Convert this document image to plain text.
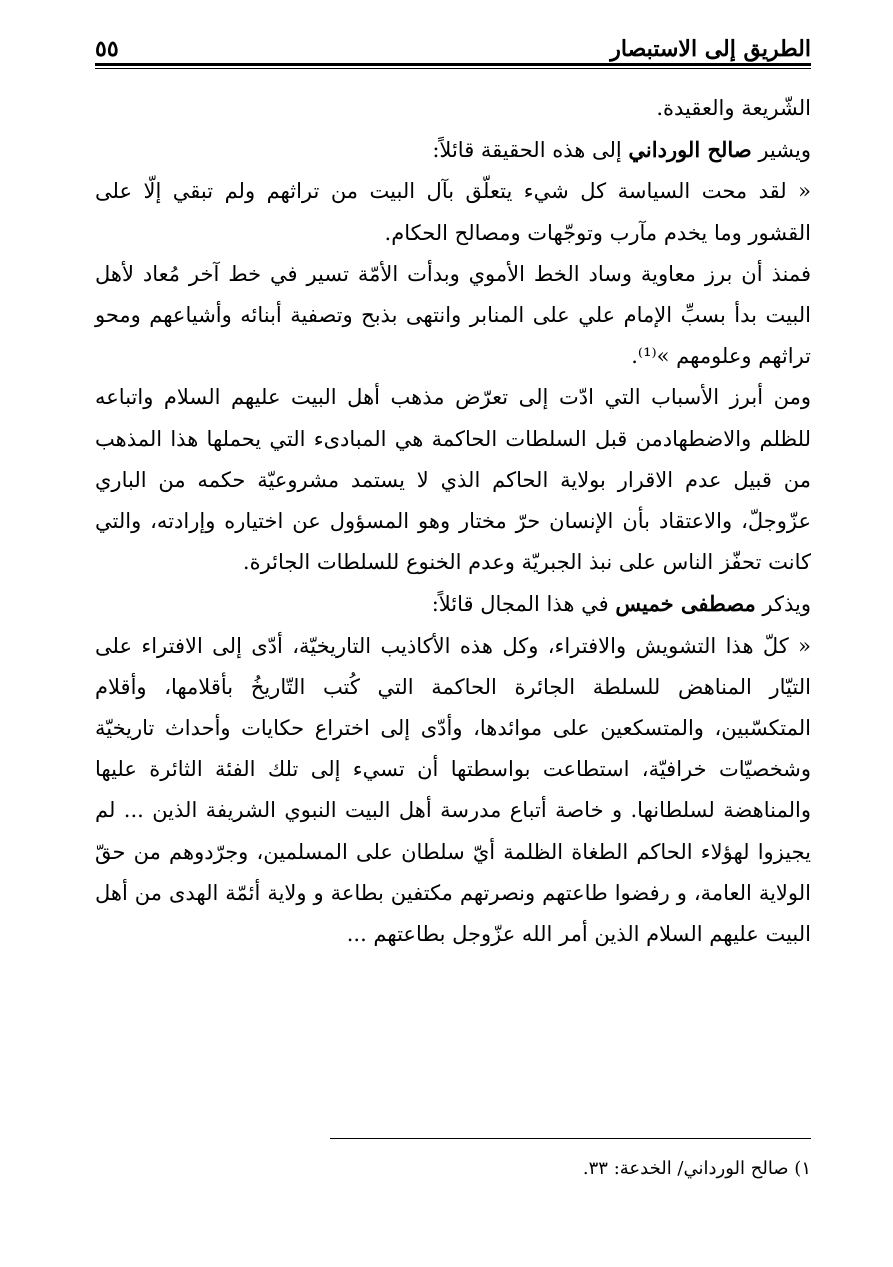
الطريق إلى الاستبصار
٥٥

الشّريعة والعقيدة.

ويشير صالح الورداني إلى هذه الحقيقة قائلاً:

« لقد محت السياسة كل شيء يتعلّق بآل البيت من تراثهم ولم تبقي إلّا على القشور وما يخدم مآرب وتوجّهات ومصالح الحكام.

فمنذ أن برز معاوية وساد الخط الأموي وبدأت الأمّة تسير في خط آخر مُعاد لأهل البيت بدأ بسبِّ الإمام علي على المنابر وانتهى بذبح وتصفية أبنائه وأشياعهم ومحو تراثهم وعلومهم »⁽¹⁾.

ومن أبرز الأسباب التي ادّت إلى تعرّض مذهب أهل البيت عليهم السلام واتباعه للظلم والاضطهادمن قبل السلطات الحاكمة هي المبادىء التي يحملها هذا المذهب من قبيل عدم الاقرار بولاية الحاكم الذي لا يستمد مشروعيّة حكمه من الباري عزّوجلّ، والاعتقاد بأن الإنسان حرّ مختار وهو المسؤول عن اختياره وإرادته، والتي كانت تحفّز الناس على نبذ الجبريّة وعدم الخنوع للسلطات الجائرة.

ويذكر مصطفى خميس في هذا المجال قائلاً:

« كلّ هذا التشويش والافتراء، وكل هذه الأكاذيب التاريخيّة، أدّى إلى الافتراء على التيّار المناهض للسلطة الجائرة الحاكمة التي كُتب التّاريخُ بأقلامها، وأقلام المتكسّبين، والمتسكعين على موائدها، وأدّى إلى اختراع حكايات وأحداث تاريخيّة وشخصيّات خرافيّة، استطاعت بواسطتها أن تسيء إلى تلك الفئة الثائرة عليها والمناهضة لسلطانها. و خاصة أتباع مدرسة أهل البيت النبوي الشريفة الذين ... لم يجيزوا لهؤلاء الحاكم الطغاة الظلمة أيّ سلطان على المسلمين، وجرّدوهم من حقّ الولاية العامة، و رفضوا طاعتهم ونصرتهم مكتفين بطاعة و ولاية أئمّة الهدى من أهل البيت عليهم السلام الذين أمر الله عزّوجل بطاعتهم ...

١) صالح الورداني/ الخدعة: ٣٣.
